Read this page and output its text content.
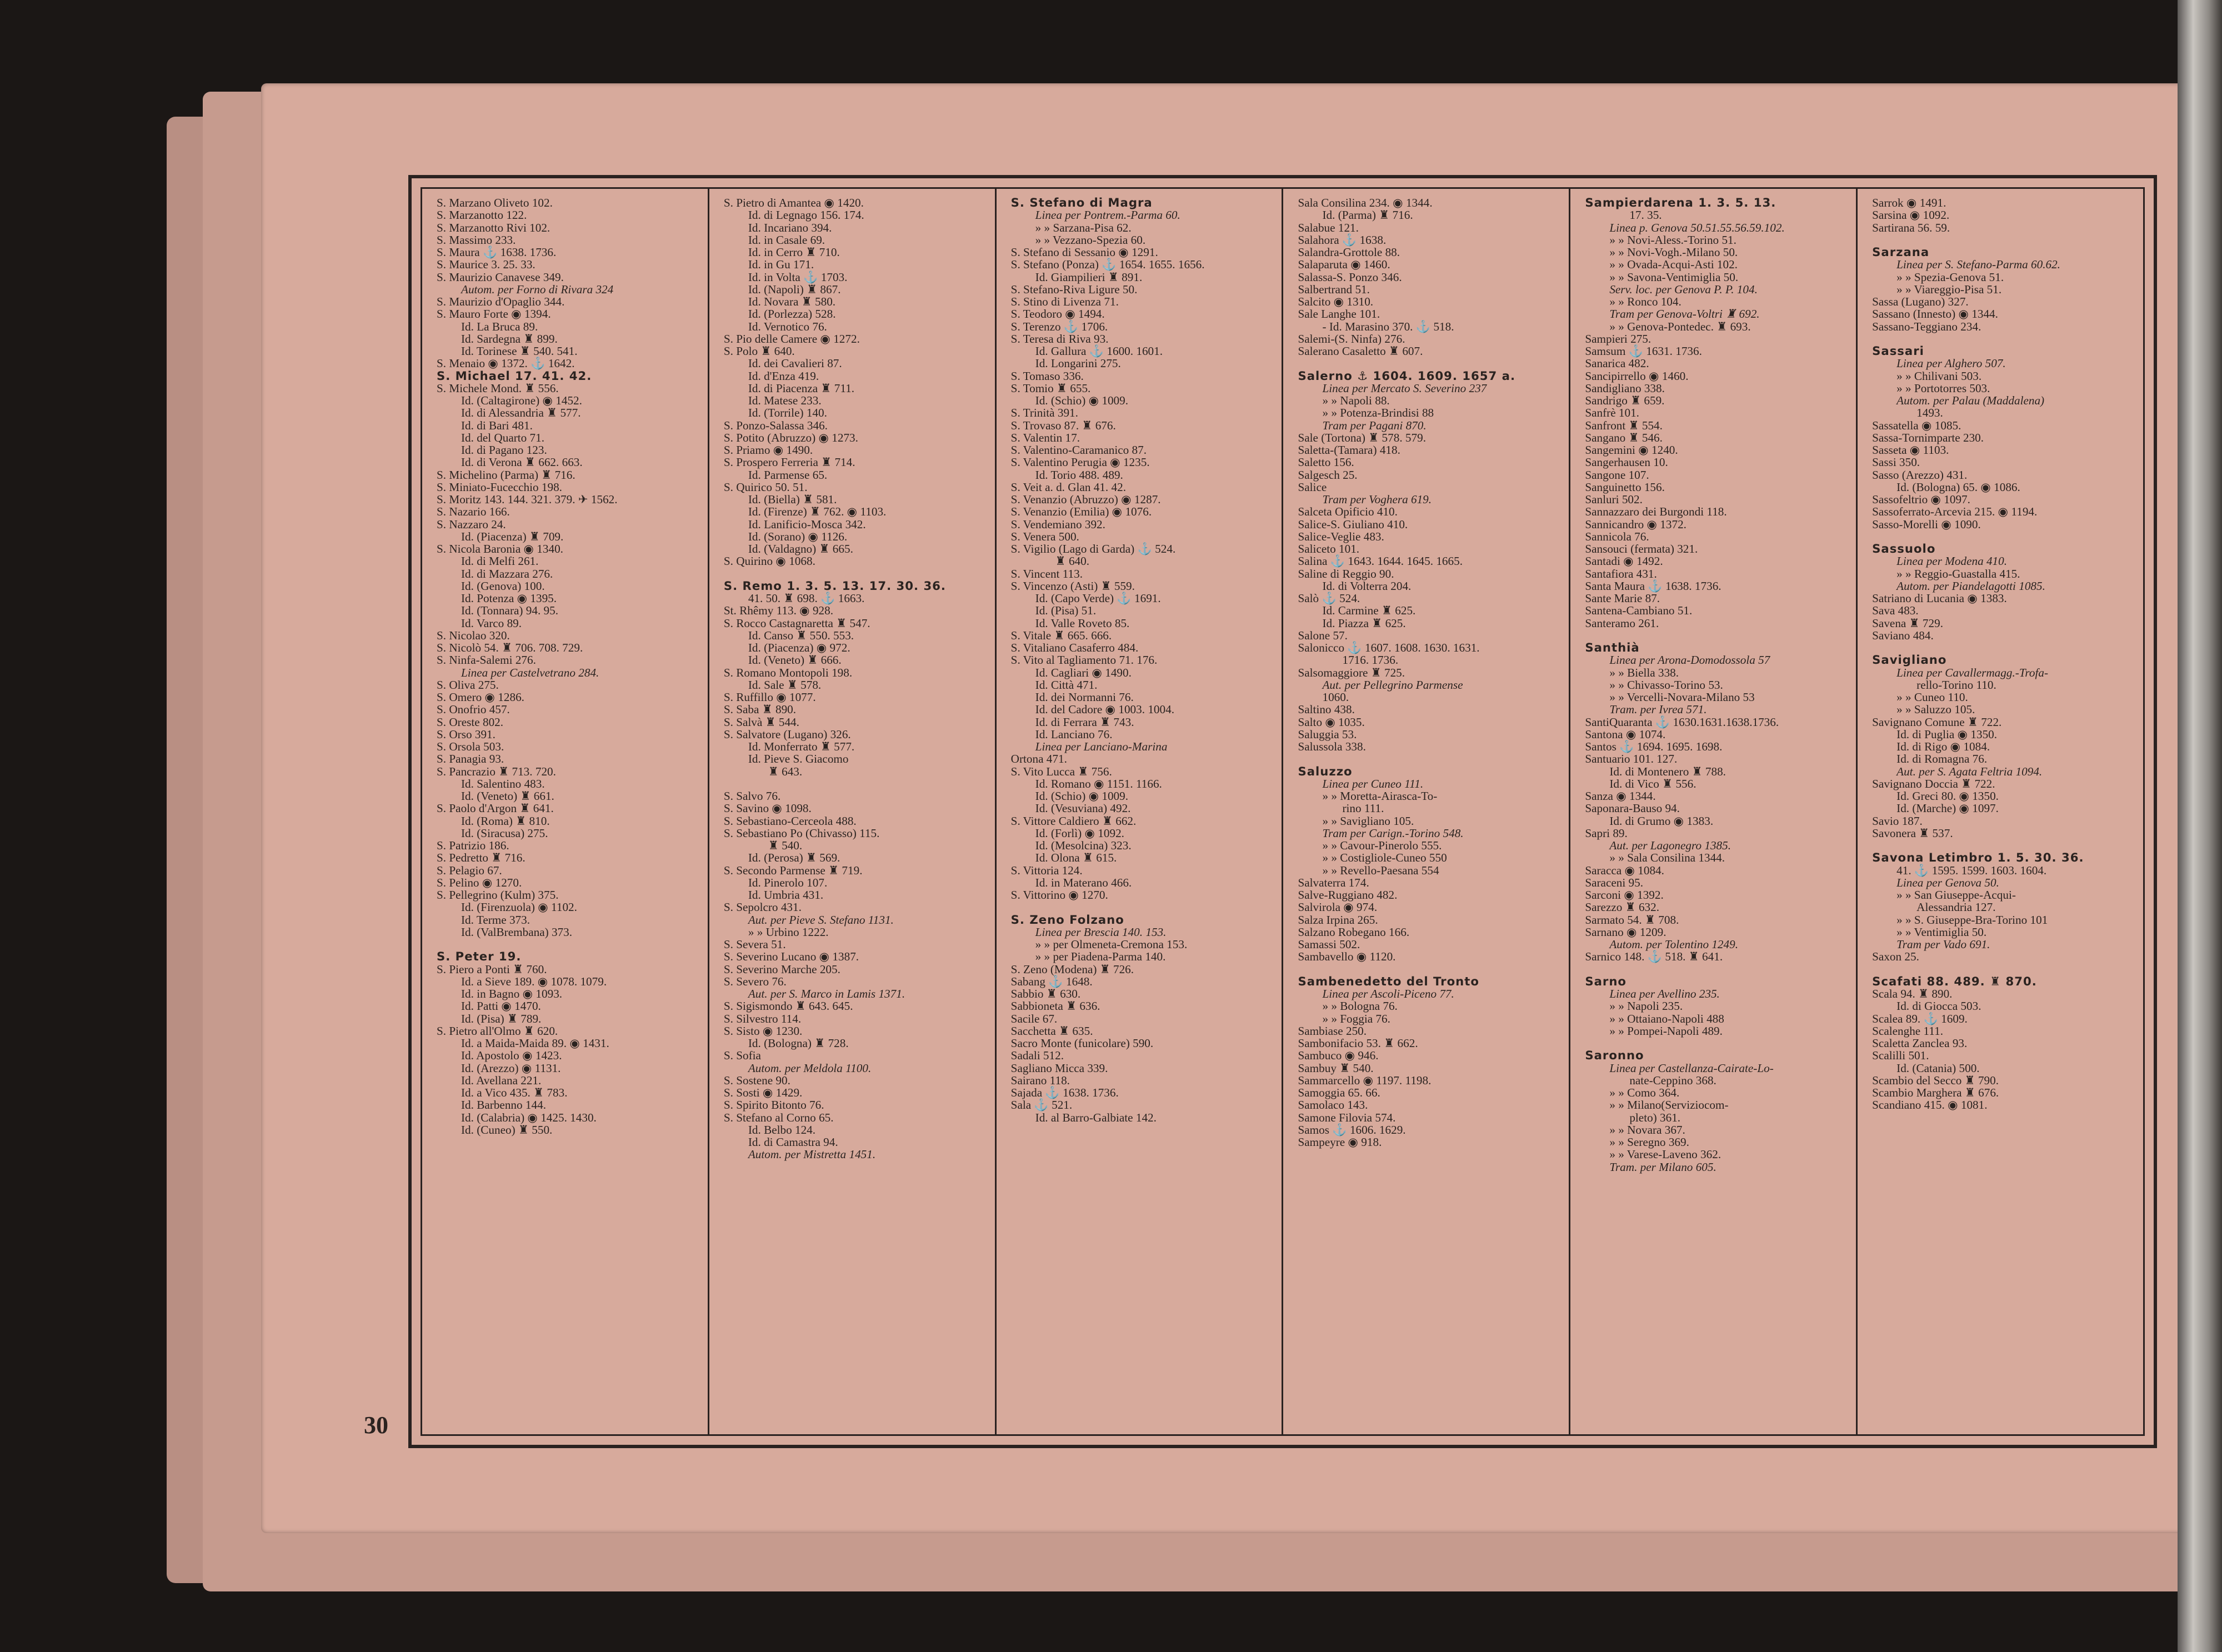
S. Marzano Oliveto 102.
S. Marzanotto 122.
S. Marzanotto Rivi 102.
S. Massimo 233.
S. Maura ⚓ 1638. 1736.
S. Maurice 3. 25. 33.
S. Maurizio Canavese 349.
Autom. per Forno di Rivara 324
S. Maurizio d'Opaglio 344.
S. Mauro Forte ◉ 1394.
Id. La Bruca 89.
Id. Sardegna ♜ 899.
Id. Torinese ♜ 540. 541.
S. Menaio ◉ 1372. ⚓ 1642.
S. Michael 17. 41. 42.
S. Michele Mond. ♜ 556.
Id. (Caltagirone) ◉ 1452.
Id. di Alessandria ♜ 577.
Id. di Bari 481.
Id. del Quarto 71.
Id. di Pagano 123.
Id. di Verona ♜ 662. 663.
S. Michelino (Parma) ♜ 716.
S. Miniato-Fucecchio 198.
S. Moritz 143. 144. 321. 379. ✈ 1562.
S. Nazario 166.
S. Nazzaro 24.
Id. (Piacenza) ♜ 709.
S. Nicola Baronia ◉ 1340.
Id. di Melfi 261.
Id. di Mazzara 276.
Id. (Genova) 100.
Id. Potenza ◉ 1395.
Id. (Tonnara) 94. 95.
Id. Varco 89.
S. Nicolao 320.
S. Nicolò 54. ♜ 706. 708. 729.
S. Ninfa-Salemi 276.
Linea per Castelvetrano 284.
S. Oliva 275.
S. Omero ◉ 1286.
S. Onofrio 457.
S. Oreste 802.
S. Orso 391.
S. Orsola 503.
S. Panagia 93.
S. Pancrazio ♜ 713. 720.
Id. Salentino 483.
Id. (Veneto) ♜ 661.
S. Paolo d'Argon ♜ 641.
Id. (Roma) ♜ 810.
Id. (Siracusa) 275.
S. Patrizio 186.
S. Pedretto ♜ 716.
S. Pelagio 67.
S. Pelino ◉ 1270.
S. Pellegrino (Kulm) 375.
Id. (Firenzuola) ◉ 1102.
Id. Terme 373.
Id. (ValBrembana) 373.

S. Peter 19.
S. Piero a Ponti ♜ 760.
Id. a Sieve 189. ◉ 1078. 1079.
Id. in Bagno ◉ 1093.
Id. Patti ◉ 1470.
Id. (Pisa) ♜ 789.
S. Pietro all'Olmo ♜ 620.
Id. a Maida-Maida 89. ◉ 1431.
Id. Apostolo ◉ 1423.
Id. (Arezzo) ◉ 1131.
Id. Avellana 221.
Id. a Vico 435. ♜ 783.
Id. Barbenno 144.
Id. (Calabria) ◉ 1425. 1430.
Id. (Cuneo) ♜ 550.
S. Pietro di Amantea ◉ 1420.
Id. di Legnago 156. 174.
Id. Incariano 394.
Id. in Casale 69.
Id. in Cerro ♜ 710.
Id. in Gu 171.
Id. in Volta ⚓ 1703.
Id. (Napoli) ♜ 867.
Id. Novara ♜ 580.
Id. (Porlezza) 528.
Id. Vernotico 76.
S. Pio delle Camere ◉ 1272.
S. Polo ♜ 640.
Id. dei Cavalieri 87.
Id. d'Enza 419.
Id. di Piacenza ♜ 711.
Id. Matese 233.
Id. (Torrile) 140.
S. Ponzo-Salassa 346.
S. Potito (Abruzzo) ◉ 1273.
S. Priamo ◉ 1490.
S. Prospero Ferreria ♜ 714.
Id. Parmense 65.
S. Quirico 50. 51.
Id. (Biella) ♜ 581.
Id. (Firenze) ♜ 762. ◉ 1103.
Id. Lanificio-Mosca 342.
Id. (Sorano) ◉ 1126.
Id. (Valdagno) ♜ 665.
S. Quirino ◉ 1068.

S. Remo 1. 3. 5. 13. 17. 30. 36.
41. 50. ♜ 698. ⚓ 1663.
St. Rhêmy 113. ◉ 928.
S. Rocco Castagnaretta ♜ 547.
Id. Canso ♜ 550. 553.
Id. (Piacenza) ◉ 972.
Id. (Veneto) ♜ 666.
S. Romano Montopoli 198.
Id. Sale ♜ 578.
S. Ruffillo ◉ 1077.
S. Saba ♜ 890.
S. Salvà ♜ 544.
S. Salvatore (Lugano) 326.
Id. Monferrato ♜ 577.
Id. Pieve S. Giacomo
♜ 643.

S. Salvo 76.
S. Savino ◉ 1098.
S. Sebastiano-Cerceola 488.
S. Sebastiano Po (Chivasso) 115.
♜ 540.
Id. (Perosa) ♜ 569.
S. Secondo Parmense ♜ 719.
Id. Pinerolo 107.
Id. Umbria 431.
S. Sepolcro 431.
Aut. per Pieve S. Stefano 1131.
» » Urbino 1222.
S. Severa 51.
S. Severino Lucano ◉ 1387.
S. Severino Marche 205.
S. Severo 76.
Aut. per S. Marco in Lamis 1371.
S. Sigismondo ♜ 643. 645.
S. Silvestro 114.
S. Sisto ◉ 1230.
Id. (Bologna) ♜ 728.
S. Sofia
Autom. per Meldola 1100.
S. Sostene 90.
S. Sosti ◉ 1429.
S. Spirito Bitonto 76.
S. Stefano al Corno 65.
Id. Belbo 124.
Id. di Camastra 94.
Autom. per Mistretta 1451.
S. Stefano di Magra
Linea per Pontrem.-Parma 60.
» » Sarzana-Pisa 62.
» » Vezzano-Spezia 60.
S. Stefano di Sessanio ◉ 1291.
S. Stefano (Ponza) ⚓ 1654. 1655. 1656.
Id. Giampilieri ♜ 891.
S. Stefano-Riva Ligure 50.
S. Stino di Livenza 71.
S. Teodoro ◉ 1494.
S. Terenzo ⚓ 1706.
S. Teresa di Riva 93.
Id. Gallura ⚓ 1600. 1601.
Id. Longarini 275.
S. Tomaso 336.
S. Tomio ♜ 655.
Id. (Schio) ◉ 1009.
S. Trinità 391.
S. Trovaso 87. ♜ 676.
S. Valentin 17.
S. Valentino-Caramanico 87.
S. Valentino Perugia ◉ 1235.
Id. Torio 488. 489.
S. Veit a. d. Glan 41. 42.
S. Venanzio (Abruzzo) ◉ 1287.
S. Venanzio (Emilia) ◉ 1076.
S. Vendemiano 392.
S. Venera 500.
S. Vigilio (Lago di Garda) ⚓ 524.
♜ 640.
S. Vincent 113.
S. Vincenzo (Asti) ♜ 559.
Id. (Capo Verde) ⚓ 1691.
Id. (Pisa) 51.
Id. Valle Roveto 85.
S. Vitale ♜ 665. 666.
S. Vitaliano Casaferro 484.
S. Vito al Tagliamento 71. 176.
Id. Cagliari ◉ 1490.
Id. Città 471.
Id. dei Normanni 76.
Id. del Cadore ◉ 1003. 1004.
Id. di Ferrara ♜ 743.
Id. Lanciano 76.
Linea per Lanciano-Marina
Ortona 471.
S. Vito Lucca ♜ 756.
Id. Romano ◉ 1151. 1166.
Id. (Schio) ◉ 1009.
Id. (Vesuviana) 492.
S. Vittore Caldiero ♜ 662.
Id. (Forlì) ◉ 1092.
Id. (Mesolcina) 323.
Id. Olona ♜ 615.
S. Vittoria 124.
Id. in Materano 466.
S. Vittorino ◉ 1270.

S. Zeno Folzano
Linea per Brescia 140. 153.
» » per Olmeneta-Cremona 153.
» » per Piadena-Parma 140.
S. Zeno (Modena) ♜ 726.
Sabang ⚓ 1648.
Sabbio ♜ 630.
Sabbioneta ♜ 636.
Sacile 67.
Sacchetta ♜ 635.
Sacro Monte (funicolare) 590.
Sadali 512.
Sagliano Micca 339.
Sairano 118.
Sajada ⚓ 1638. 1736.
Sala ⚓ 521.
Id. al Barro-Galbiate 142.
Sala Consilina 234. ◉ 1344.
Id. (Parma) ♜ 716.
Salabue 121.
Salahora ⚓ 1638.
Salandra-Grottole 88.
Salaparuta ◉ 1460.
Salassa-S. Ponzo 346.
Salbertrand 51.
Salcito ◉ 1310.
Sale Langhe 101.
- Id. Marasino 370. ⚓ 518.
Salemi-(S. Ninfa) 276.
Salerano Casaletto ♜ 607.

Salerno ⚓ 1604. 1609. 1657 a.
Linea per Mercato S. Severino 237
» » Napoli 88.
» » Potenza-Brindisi 88
Tram per Pagani 870.
Sale (Tortona) ♜ 578. 579.
Saletta-(Tamara) 418.
Saletto 156.
Salgesch 25.
Salice
Tram per Voghera 619.
Salceta Opificio 410.
Salice-S. Giuliano 410.
Salice-Veglie 483.
Saliceto 101.
Salina ⚓ 1643. 1644. 1645. 1665.
Saline di Reggio 90.
Id. di Volterra 204.
Salò ⚓ 524.
Id. Carmine ♜ 625.
Id. Piazza ♜ 625.
Salone 57.
Salonicco ⚓ 1607. 1608. 1630. 1631.
1716. 1736.
Salsomaggiore ♜ 725.
Aut. per Pellegrino Parmense
1060.
Saltino 438.
Salto ◉ 1035.
Saluggia 53.
Salussola 338.

Saluzzo
Linea per Cuneo 111.
» » Moretta-Airasca-To-
rino 111.
» » Savigliano 105.
Tram per Carign.-Torino 548.
» » Cavour-Pinerolo 555.
» » Costigliole-Cuneo 550
» » Revello-Paesana 554
Salvaterra 174.
Salve-Ruggiano 482.
Salvirola ◉ 974.
Salza Irpina 265.
Salzano Robegano 166.
Samassi 502.
Sambavello ◉ 1120.

Sambenedetto del Tronto
Linea per Ascoli-Piceno 77.
» » Bologna 76.
» » Foggia 76.
Sambiase 250.
Sambonifacio 53. ♜ 662.
Sambuco ◉ 946.
Sambuy ♜ 540.
Sammarcello ◉ 1197. 1198.
Samoggia 65. 66.
Samolaco 143.
Samone Filovia 574.
Samos ⚓ 1606. 1629.
Sampeyre ◉ 918.
Sampierdarena 1. 3. 5. 13.
17. 35.
Linea p. Genova 50.51.55.56.59.102.
» » Novi-Aless.-Torino 51.
» » Novi-Vogh.-Milano 50.
» » Ovada-Acqui-Asti 102.
» » Savona-Ventimiglia 50.
Serv. loc. per Genova P. P. 104.
» » Ronco 104.
Tram per Genova-Voltri ♜ 692.
» » Genova-Pontedec. ♜ 693.
Sampieri 275.
Samsum ⚓ 1631. 1736.
Sanarica 482.
Sancipirrello ◉ 1460.
Sandigliano 338.
Sandrigo ♜ 659.
Sanfrè 101.
Sanfront ♜ 554.
Sangano ♜ 546.
Sangemini ◉ 1240.
Sangerhausen 10.
Sangone 107.
Sanguinetto 156.
Sanluri 502.
Sannazzaro dei Burgondi 118.
Sannicandro ◉ 1372.
Sannicola 76.
Sansouci (fermata) 321.
Santadi ◉ 1492.
Santafiora 431.
Santa Maura ⚓ 1638. 1736.
Sante Marie 87.
Santena-Cambiano 51.
Santeramo 261.

Santhià
Linea per Arona-Domodossola 57
» » Biella 338.
» » Chivasso-Torino 53.
» » Vercelli-Novara-Milano 53
Tram. per Ivrea 571.
SantiQuaranta ⚓ 1630.1631.1638.1736.
Santona ◉ 1074.
Santos ⚓ 1694. 1695. 1698.
Santuario 101. 127.
Id. di Montenero ♜ 788.
Id. di Vico ♜ 556.
Sanza ◉ 1344.
Saponara-Bauso 94.
Id. di Grumo ◉ 1383.
Sapri 89.
Aut. per Lagonegro 1385.
» » Sala Consilina 1344.
Saracca ◉ 1084.
Saraceni 95.
Sarconi ◉ 1392.
Sarezzo ♜ 632.
Sarmato 54. ♜ 708.
Sarnano ◉ 1209.
Autom. per Tolentino 1249.
Sarnico 148. ⚓ 518. ♜ 641.

Sarno
Linea per Avellino 235.
» » Napoli 235.
» » Ottaiano-Napoli 488
» » Pompei-Napoli 489.

Saronno
Linea per Castellanza-Cairate-Lo-
nate-Ceppino 368.
» » Como 364.
» » Milano(Serviziocom-
pleto) 361.
» » Novara 367.
» » Seregno 369.
» » Varese-Laveno 362.
Tram. per Milano 605.
Sarrok ◉ 1491.
Sarsina ◉ 1092.
Sartirana 56. 59.

Sarzana
Linea per S. Stefano-Parma 60.62.
» » Spezia-Genova 51.
» » Viareggio-Pisa 51.
Sassa (Lugano) 327.
Sassano (Innesto) ◉ 1344.
Sassano-Teggiano 234.

Sassari
Linea per Alghero 507.
» » Chilivani 503.
» » Portotorres 503.
Autom. per Palau (Maddalena)
1493.
Sassatella ◉ 1085.
Sassa-Tornimparte 230.
Sasseta ◉ 1103.
Sassi 350.
Sasso (Arezzo) 431.
Id. (Bologna) 65. ◉ 1086.
Sassofeltrio ◉ 1097.
Sassoferrato-Arcevia 215. ◉ 1194.
Sasso-Morelli ◉ 1090.

Sassuolo
Linea per Modena 410.
» » Reggio-Guastalla 415.
Autom. per Piandelagotti 1085.
Satriano di Lucania ◉ 1383.
Sava 483.
Savena ♜ 729.
Saviano 484.

Savigliano
Linea per Cavallermagg.-Trofa-
rello-Torino 110.
» » Cuneo 110.
» » Saluzzo 105.
Savignano Comune ♜ 722.
Id. di Puglia ◉ 1350.
Id. di Rigo ◉ 1084.
Id. di Romagna 76.
Aut. per S. Agata Feltria 1094.
Savignano Doccia ♜ 722.
Id. Greci 80. ◉ 1350.
Id. (Marche) ◉ 1097.
Savio 187.
Savonera ♜ 537.

Savona Letimbro 1. 5. 30. 36.
41. ⚓ 1595. 1599. 1603. 1604.
Linea per Genova 50.
» » San Giuseppe-Acqui-
Alessandria 127.
» » S. Giuseppe-Bra-Torino 101
» » Ventimiglia 50.
Tram per Vado 691.
Saxon 25.

Scafati 88. 489. ♜ 870.
Scala 94. ♜ 890.
Id. di Giocca 503.
Scalea 89. ⚓ 1609.
Scalenghe 111.
Scaletta Zanclea 93.
Scalilli 501.
Id. (Catania) 500.
Scambio del Secco ♜ 790.
Scambio Marghera ♜ 676.
Scandiano 415. ◉ 1081.
30
